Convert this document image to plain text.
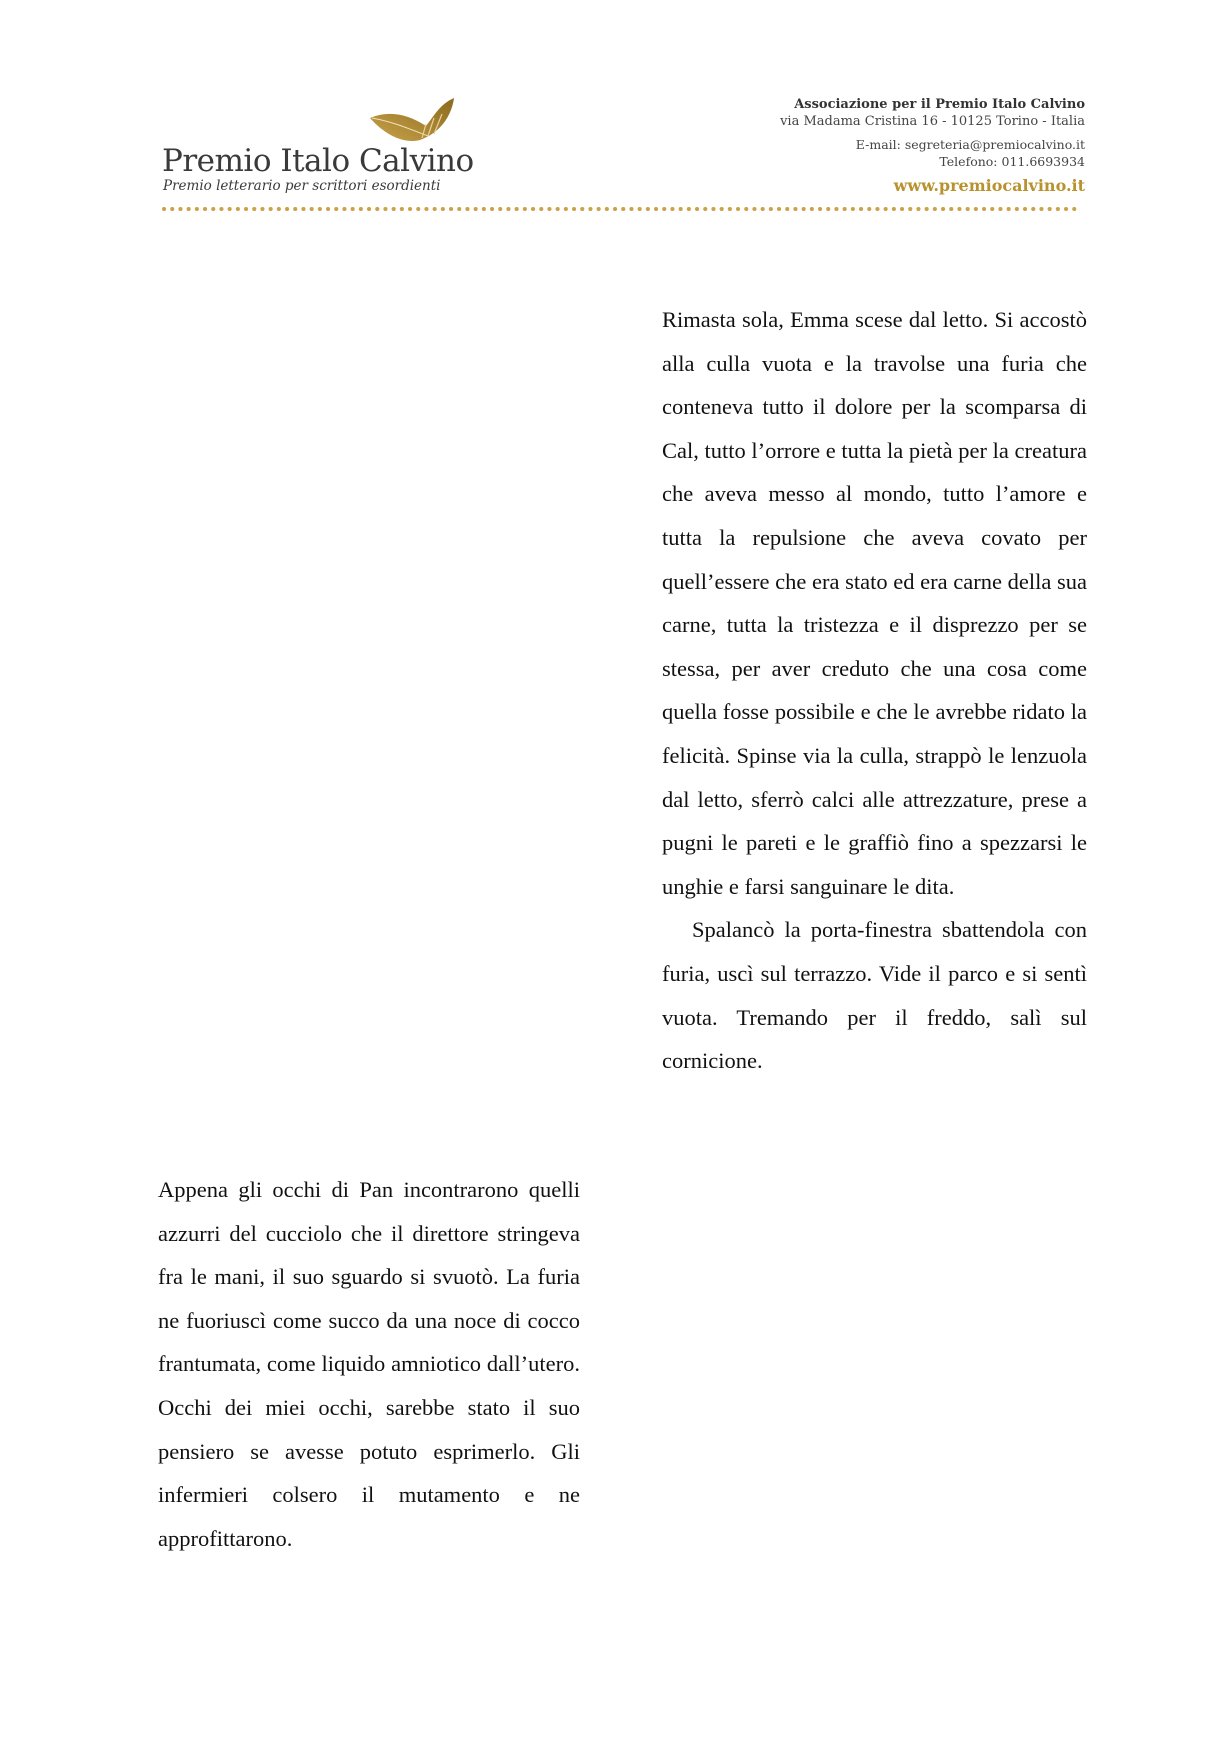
Premio Italo Calvino
Premio letterario per scrittori esordienti
Associazione per il Premio Italo Calvino
via Madama Cristina 16 - 10125 Torino - Italia
E-mail: segreteria@premiocalvino.it
Telefono: 011.6693934
www.premiocalvino.it

Rimasta sola, Emma scese dal letto. Si accostò alla culla vuota e la travolse una furia che conteneva tutto il dolore per la scomparsa di Cal, tutto l’orrore e tutta la pietà per la creatura che aveva messo al mondo, tutto l’amore e tutta la repulsione che aveva covato per quell’essere che era stato ed era carne della sua carne, tutta la tristezza e il disprezzo per se stessa, per aver creduto che una cosa come quella fosse possibile e che le avrebbe ridato la felicità. Spinse via la culla, strappò le lenzuola dal letto, sferrò calci alle attrezzature, prese a pugni le pareti e le graffiò fino a spezzarsi le unghie e farsi sanguinare le dita.

Spalancò la porta-finestra sbattendola con furia, uscì sul terrazzo. Vide il parco e si sentì vuota. Tremando per il freddo, salì sul cornicione.

Appena gli occhi di Pan incontrarono quelli azzurri del cucciolo che il direttore stringeva fra le mani, il suo sguardo si svuotò. La furia ne fuoriuscì come succo da una noce di cocco frantumata, come liquido amniotico dall’utero. Occhi dei miei occhi, sarebbe stato il suo pensiero se avesse potuto esprimerlo. Gli infermieri colsero il mutamento e ne approfittarono.
